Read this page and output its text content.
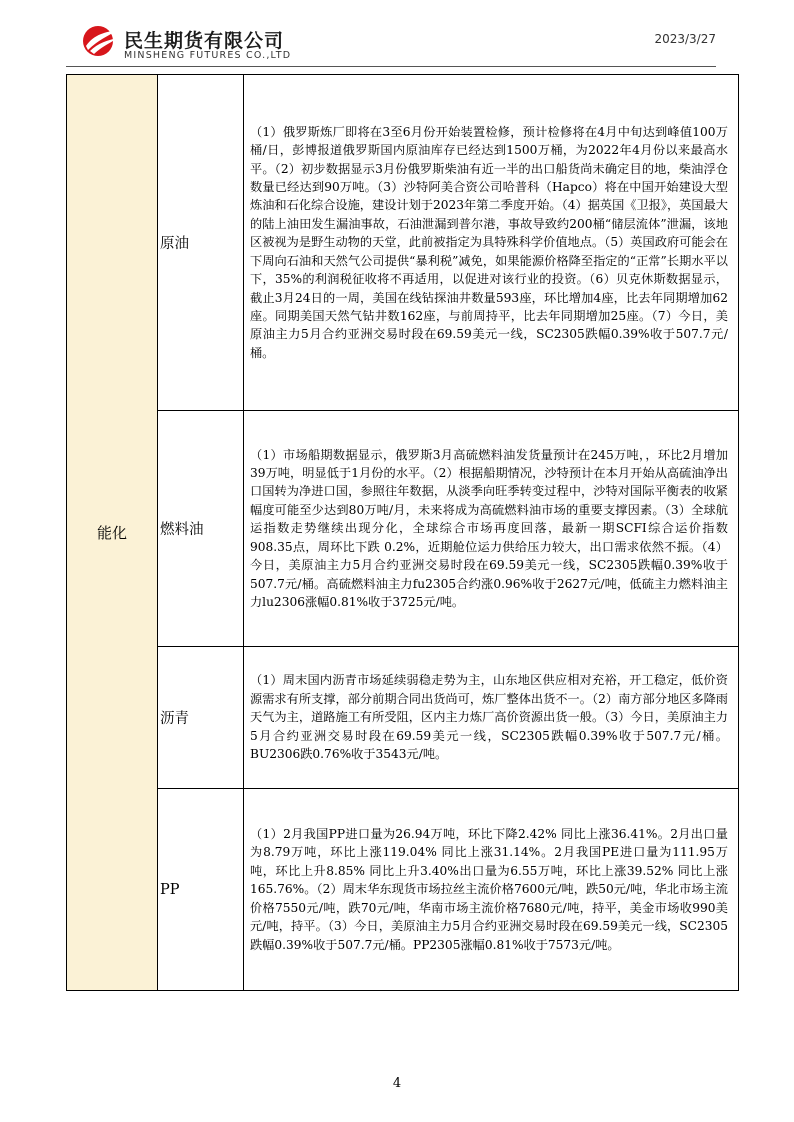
民生期货有限公司
MINSHENG FUTURES CO.,LTD
2023/3/27
能化	原油	（1）俄罗斯炼厂即将在3至6月份开始装置检修，预计检修将在4月中旬达到峰值100万桶/日，彭博报道俄罗斯国内原油库存已经达到1500万桶，为2022年4月份以来最高水平。（2）初步数据显示3月份俄罗斯柴油有近一半的出口船货尚未确定目的地，柴油浮仓数量已经达到90万吨。（3）沙特阿美合资公司哈普科（Hapco）将在中国开始建设大型炼油和石化综合设施，建设计划于2023年第二季度开始。（4）据英国《卫报》，英国最大的陆上油田发生漏油事故，石油泄漏到普尔港，事故导致约200桶“储层流体”泄漏，该地区被视为是野生动物的天堂，此前被指定为具特殊科学价值地点。（5）英国政府可能会在下周向石油和天然气公司提供“暴利税”减免，如果能源价格降至指定的“正常”长期水平以下，35%的利润税征收将不再适用，以促进对该行业的投资。（6）贝克休斯数据显示，截止3月24日的一周，美国在线钻探油井数量593座，环比增加4座，比去年同期增加62座。同期美国天然气钻井数162座，与前周持平，比去年同期增加25座。（7）今日，美原油主力5月合约亚洲交易时段在69.59美元一线，SC2305跌幅0.39%收于507.7元/桶。
	燃料油	（1）市场船期数据显示，俄罗斯3月高硫燃料油发货量预计在245万吨，，环比2月增加39万吨，明显低于1月份的水平。（2）根据船期情况，沙特预计在本月开始从高硫油净出口国转为净进口国，参照往年数据，从淡季向旺季转变过程中，沙特对国际平衡表的收紧幅度可能至少达到80万吨/月，未来将成为高硫燃料油市场的重要支撑因素。（3）全球航运指数走势继续出现分化，全球综合市场再度回落，最新一期SCFI综合运价指数 908.35点，周环比下跌 0.2%，近期舱位运力供给压力较大，出口需求依然不振。（4）今日，美原油主力5月合约亚洲交易时段在69.59美元一线，SC2305跌幅0.39%收于507.7元/桶。高硫燃料油主力fu2305合约涨0.96%收于2627元/吨，低硫主力燃料油主力lu2306涨幅0.81%收于3725元/吨。
	沥青	（1）周末国内沥青市场延续弱稳走势为主，山东地区供应相对充裕，开工稳定，低价资源需求有所支撑，部分前期合同出货尚可，炼厂整体出货不一。（2）南方部分地区多降雨天气为主，道路施工有所受阻，区内主力炼厂高价资源出货一般。（3）今日，美原油主力5月合约亚洲交易时段在69.59美元一线，SC2305跌幅0.39%收于507.7元/桶。BU2306跌0.76%收于3543元/吨。
	PP	（1）2月我国PP进口量为26.94万吨，环比下降2.42% 同比上涨36.41%。2月出口量为8.79万吨，环比上涨119.04% 同比上涨31.14%。2月我国PE进口量为111.95万吨，环比上升8.85% 同比上升3.40%出口量为6.55万吨，环比上涨39.52% 同比上涨165.76%。（2）周末华东现货市场拉丝主流价格7600元/吨，跌50元/吨，华北市场主流价格7550元/吨，跌70元/吨，华南市场主流价格7680元/吨，持平，美金市场收990美元/吨，持平。（3）今日，美原油主力5月合约亚洲交易时段在69.59美元一线，SC2305跌幅0.39%收于507.7元/桶。PP2305涨幅0.81%收于7573元/吨。
4
